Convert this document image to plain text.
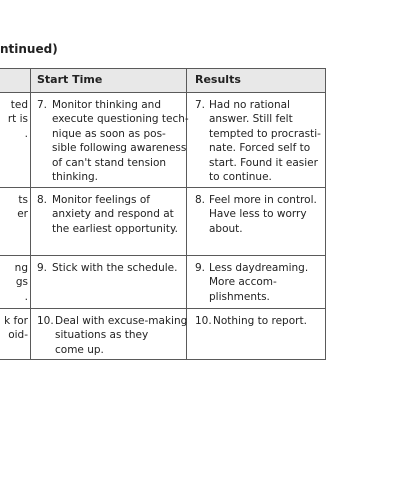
ntinued)
Start Time	Results
ted
rt is
.
ts
er
ng
gs
.
k for
oid-
7. Monitor thinking and
execute questioning tech-
nique as soon as pos-
sible following awareness
of can't stand tension
thinking.
7. Had no rational
answer. Still felt
tempted to procrasti-
nate. Forced self to
start. Found it easier
to continue.
8. Monitor feelings of
anxiety and respond at
the earliest opportunity.
8. Feel more in control.
Have less to worry
about.
9. Stick with the schedule. 9. Less daydreaming.
More accom-
plishments.
10. Deal with excuse-making
situations as they
come up.
10. Nothing to report.
